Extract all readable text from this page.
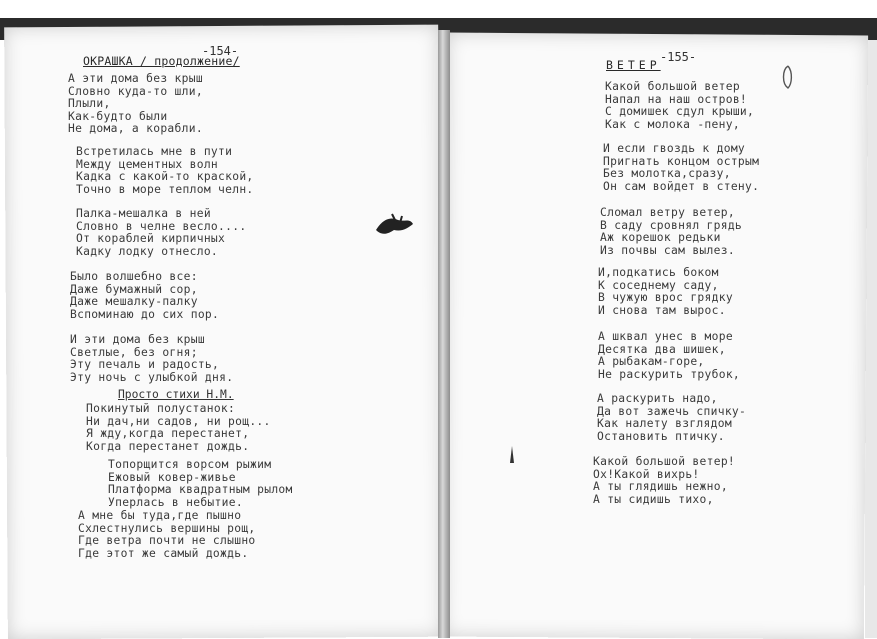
-154-
ОКРАШКА / продолжение/
А эти дома без крыш
Словно куда-то шли,
Плыли,
Как-будто были
Не дома, а корабли.
Встретилась мне в пути
Между цементных волн
Кадка с какой-то краской,
Точно в море теплом челн.
Палка-мешалка в ней
Словно в челне весло....
От кораблей кирпичных
Кадку лодку отнесло.
Было волшебно все:
Даже бумажный сор,
Даже мешалку-палку
Вспоминаю до сих пор.
И эти дома без крыш
Светлые, без огня;
Эту печаль и радость,
Эту ночь с улыбкой дня.
Покинутый полустанок:
Ни дач,ни садов, ни рощ...
Я жду,когда перестанет,
Когда перестанет дождь.
Топорщится ворсом рыжим
Ежовый ковер-живье
Платформа квадратным рылом
Уперлась в небытие.
А мне бы туда,где пышно
Схлестнулись вершины рощ,
Где ветра почти не слышно
Где этот же самый дождь.
Просто стихи Н.М.
-155-
ВЕТЕР
Какой большой ветер
Напал на наш остров!
С домишек сдул крыши,
Как с молока -пену,
И если гвоздь к дому
Пригнать концом острым
Без молотка,сразу,
Он сам войдет в стену.
Сломал ветру ветер,
В саду сровнял грядь
Аж корешок редьки
Из почвы сам вылез.
И,подкатись боком
К соседнему саду,
В чужую врос грядку
И снова там вырос.
А шквал унес в море
Десятка два шишек,
А рыбакам-горе,
Не раскурить трубок,
А раскурить надо,
Да вот зажечь спичку-
Как налету взглядом
Остановить птичку.
Какой большой ветер!
Ох!Какой вихрь!
А ты глядишь нежно,
А ты сидишь тихо,
